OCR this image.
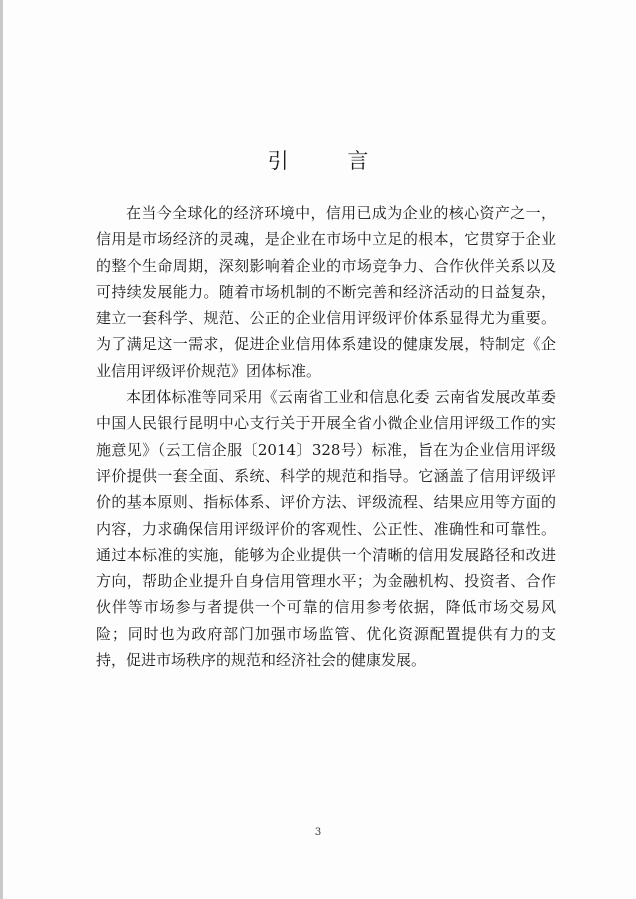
引 言

在当今全球化的经济环境中，信用已成为企业的核心资产之一，信用是市场经济的灵魂，是企业在市场中立足的根本，它贯穿于企业的整个生命周期，深刻影响着企业的市场竞争力、合作伙伴关系以及可持续发展能力。随着市场机制的不断完善和经济活动的日益复杂，建立一套科学、规范、公正的企业信用评级评价体系显得尤为重要。为了满足这一需求，促进企业信用体系建设的健康发展，特制定《企业信用评级评价规范》团体标准。

本团体标准等同采用《云南省工业和信息化委 云南省发展改革委 中国人民银行昆明中心支行关于开展全省小微企业信用评级工作的实施意见》（云工信企服〔2014〕328号）标准，旨在为企业信用评级评价提供一套全面、系统、科学的规范和指导。它涵盖了信用评级评价的基本原则、指标体系、评价方法、评级流程、结果应用等方面的内容，力求确保信用评级评价的客观性、公正性、准确性和可靠性。通过本标准的实施，能够为企业提供一个清晰的信用发展路径和改进方向，帮助企业提升自身信用管理水平；为金融机构、投资者、合作伙伴等市场参与者提供一个可靠的信用参考依据，降低市场交易风险；同时也为政府部门加强市场监管、优化资源配置提供有力的支持，促进市场秩序的规范和经济社会的健康发展。

3
